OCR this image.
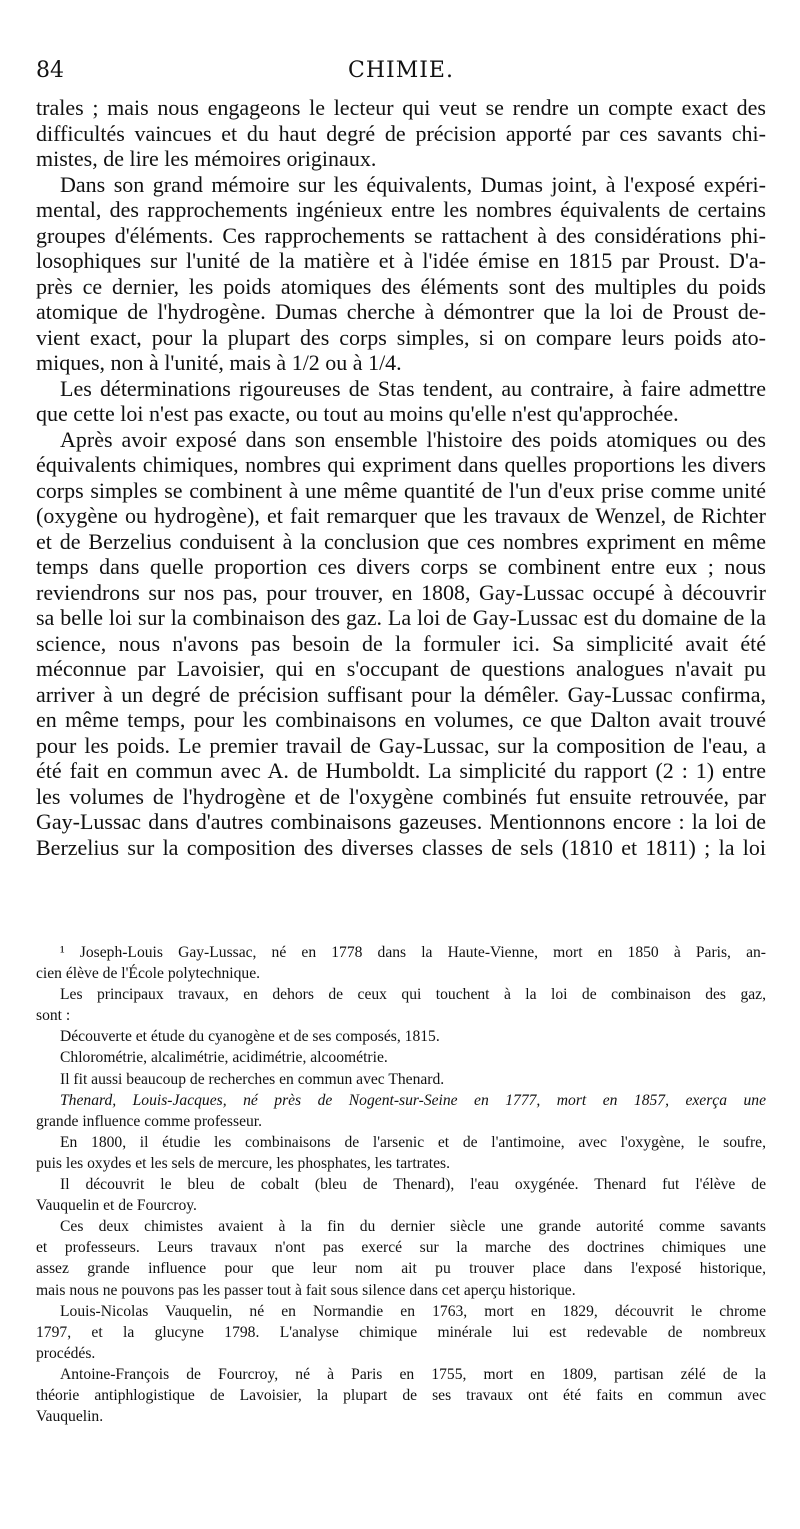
84	CHIMIE.
trales ; mais nous engageons le lecteur qui veut se rendre un compte exact des
difficultés vaincues et du haut degré de précision apporté par ces savants chi-
mistes, de lire les mémoires originaux.
Dans son grand mémoire sur les équivalents, Dumas joint, à l'exposé expéri-
mental, des rapprochements ingénieux entre les nombres équivalents de certains
groupes d'éléments. Ces rapprochements se rattachent à des considérations phi-
losophiques sur l'unité de la matière et à l'idée émise en 1815 par Proust. D'a-
près ce dernier, les poids atomiques des éléments sont des multiples du poids
atomique de l'hydrogène. Dumas cherche à démontrer que la loi de Proust de-
vient exact, pour la plupart des corps simples, si on compare leurs poids ato-
miques, non à l'unité, mais à 1/2 ou à 1/4.
Les déterminations rigoureuses de Stas tendent, au contraire, à faire admettre
que cette loi n'est pas exacte, ou tout au moins qu'elle n'est qu'approchée.
Après avoir exposé dans son ensemble l'histoire des poids atomiques ou des
équivalents chimiques, nombres qui expriment dans quelles proportions les divers
corps simples se combinent à une même quantité de l'un d'eux prise comme unité
(oxygène ou hydrogène), et fait remarquer que les travaux de Wenzel, de Richter
et de Berzelius conduisent à la conclusion que ces nombres expriment en même
temps dans quelle proportion ces divers corps se combinent entre eux ; nous
reviendrons sur nos pas, pour trouver, en 1808, Gay-Lussac occupé à découvrir
sa belle loi sur la combinaison des gaz. La loi de Gay-Lussac est du domaine de la
science, nous n'avons pas besoin de la formuler ici. Sa simplicité avait été
méconnue par Lavoisier, qui en s'occupant de questions analogues n'avait pu
arriver à un degré de précision suffisant pour la démêler. Gay-Lussac confirma,
en même temps, pour les combinaisons en volumes, ce que Dalton avait trouvé
pour les poids. Le premier travail de Gay-Lussac, sur la composition de l'eau, a
été fait en commun avec A. de Humboldt. La simplicité du rapport (2 : 1) entre
les volumes de l'hydrogène et de l'oxygène combinés fut ensuite retrouvée, par
Gay-Lussac dans d'autres combinaisons gazeuses. Mentionnons encore : la loi de
Berzelius sur la composition des diverses classes de sels (1810 et 1811) ; la loi
¹ Joseph-Louis Gay-Lussac, né en 1778 dans la Haute-Vienne, mort en 1850 à Paris, an-
cien élève de l'École polytechnique.
Les principaux travaux, en dehors de ceux qui touchent à la loi de combinaison des gaz,
sont :
Découverte et étude du cyanogène et de ses composés, 1815.
Chlorométrie, alcalimétrie, acidimétrie, alcoométrie.
Il fit aussi beaucoup de recherches en commun avec Thenard.
Thenard, Louis-Jacques, né près de Nogent-sur-Seine en 1777, mort en 1857, exerça une
grande influence comme professeur.
En 1800, il étudie les combinaisons de l'arsenic et de l'antimoine, avec l'oxygène, le soufre,
puis les oxydes et les sels de mercure, les phosphates, les tartrates.
Il découvrit le bleu de cobalt (bleu de Thenard), l'eau oxygénée. Thenard fut l'élève de
Vauquelin et de Fourcroy.
Ces deux chimistes avaient à la fin du dernier siècle une grande autorité comme savants
et professeurs. Leurs travaux n'ont pas exercé sur la marche des doctrines chimiques une
assez grande influence pour que leur nom ait pu trouver place dans l'exposé historique,
mais nous ne pouvons pas les passer tout à fait sous silence dans cet aperçu historique.
Louis-Nicolas Vauquelin, né en Normandie en 1763, mort en 1829, découvrit le chrome
1797, et la glucyne 1798. L'analyse chimique minérale lui est redevable de nombreux
procédés.
Antoine-François de Fourcroy, né à Paris en 1755, mort en 1809, partisan zélé de la
théorie antiphlogistique de Lavoisier, la plupart de ses travaux ont été faits en commun avec
Vauquelin.
